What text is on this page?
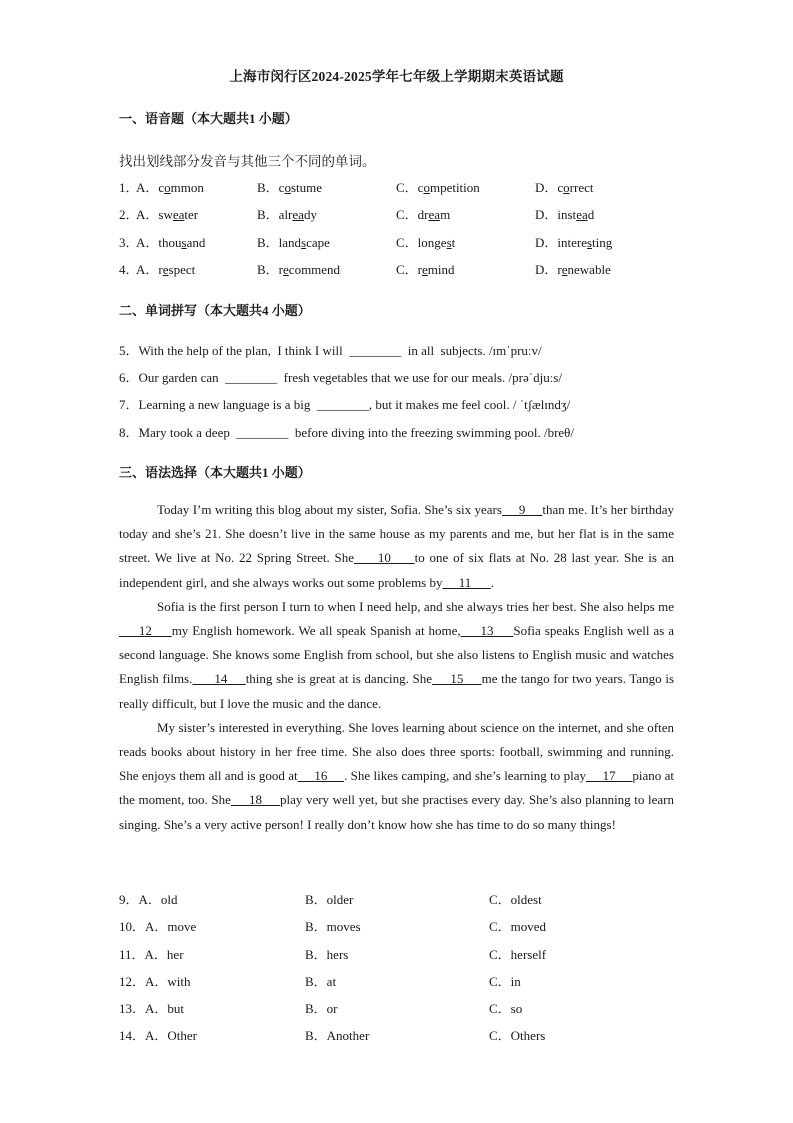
上海市闵行区2024-2025学年七年级上学期期末英语试题
一、语音题（本大题共1 小题）
找出划线部分发音与其他三个不同的单词。
1．
A．common	B．costume	C．competition	D．correct
2．
A．sweater	B．already	C．dream	D．instead
3．
A．thousand	B．landscape	C．longest	D．interesting
4．
A．respect	B．recommend	C．remind	D．renewable
二、单词拼写（本大题共4 小题）
5．With the help of the plan,  I think I will  ________  in all  subjects. /ɪmˈpruːv/
6．Our garden can  ________  fresh vegetables that we use for our meals. /prəˈdjuːs/
7．Learning a new language is a big  ________, but it makes me feel cool. / ˈtʃælɪndʒ/
8．Mary took a deep  ________  before diving into the freezing swimming pool. /breθ/
三、语法选择（本大题共1 小题）

Today I’m writing this blog about my sister, Sofia. She’s six years     9     than me. It’s her birthday today and she’s 21. She doesn’t live in the same house as my parents and me, but her flat is in the same street. We live at No. 22 Spring Street. She     10     to one of six flats at No. 28 last year. She is an independent girl, and she always works out some problems by     11      .

Sofia is the first person I turn to when I need help, and she always tries her best. She also helps me     12     my English homework. We all speak Spanish at home,     13     Sofia speaks English well as a second language. She knows some English from school, but she also listens to English music and watches English films.      14     thing she is great at is dancing. She     15     me the tango for two years. Tango is really difficult, but I love the music and the dance.

My sister’s interested in everything. She loves learning about science on the internet, and she often reads books about history in her free time. She also does three sports: football, swimming and running. She enjoys them all and is good at     16     . She likes camping, and she’s learning to play     17     piano at the moment, too. She     18     play very well yet, but she practises every day. She’s also planning to learn singing. She’s a very active person! I really don’t know how she has time to do so many things!

9．A．old	B．older	C．oldest
10．A．move	B．moves	C．moved
11．A．her	B．hers	C．herself
12．A．with	B．at	C．in
13．A．but	B．or	C．so
14．A．Other	B．Another	C．Others
